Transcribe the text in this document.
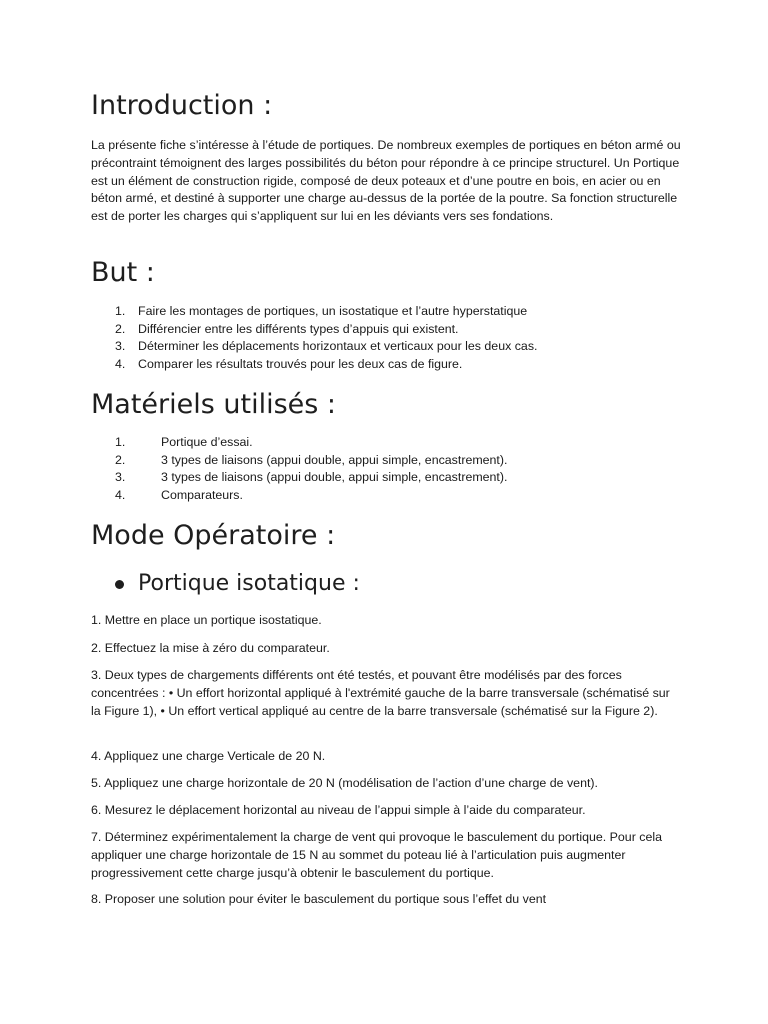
Introduction :

La présente fiche s’intéresse à l’étude de portiques. De nombreux exemples de portiques en béton armé ou précontraint témoignent des larges possibilités du béton pour répondre à ce principe structurel. Un Portique est un élément de construction rigide, composé de deux poteaux et d’une poutre en bois, en acier ou en béton armé, et destiné à supporter une charge au-dessus de la portée de la poutre. Sa fonction structurelle est de porter les charges qui s’appliquent sur lui en les déviants vers ses fondations.

But :
1. Faire les montages de portiques, un isostatique et l’autre hyperstatique
2. Différencier entre les différents types d’appuis qui existent.
3. Déterminer les déplacements horizontaux et verticaux pour les deux cas.
4. Comparer les résultats trouvés pour les deux cas de figure.
Matériels utilisés :
1.	Portique d’essai.
2.	3 types de liaisons (appui double, appui simple, encastrement).
3.	3 types de liaisons (appui double, appui simple, encastrement).
4.	Comparateurs.
Mode Opératoire :
Portique isotatique :

1. Mettre en place un portique isostatique.

2. Effectuez la mise à zéro du comparateur.

3. Deux types de chargements différents ont été testés, et pouvant être modélisés par des forces concentrées : • Un effort horizontal appliqué à l'extrémité gauche de la barre transversale (schématisé sur la Figure 1), • Un effort vertical appliqué au centre de la barre transversale (schématisé sur la Figure 2).

4. Appliquez une charge Verticale de 20 N.

5. Appliquez une charge horizontale de 20 N (modélisation de l’action d’une charge de vent).

6. Mesurez le déplacement horizontal au niveau de l’appui simple à l’aide du comparateur.

7. Déterminez expérimentalement la charge de vent qui provoque le basculement du portique. Pour cela appliquer une charge horizontale de 15 N au sommet du poteau lié à l’articulation puis augmenter progressivement cette charge jusqu’à obtenir le basculement du portique.

8. Proposer une solution pour éviter le basculement du portique sous l’effet du vent
